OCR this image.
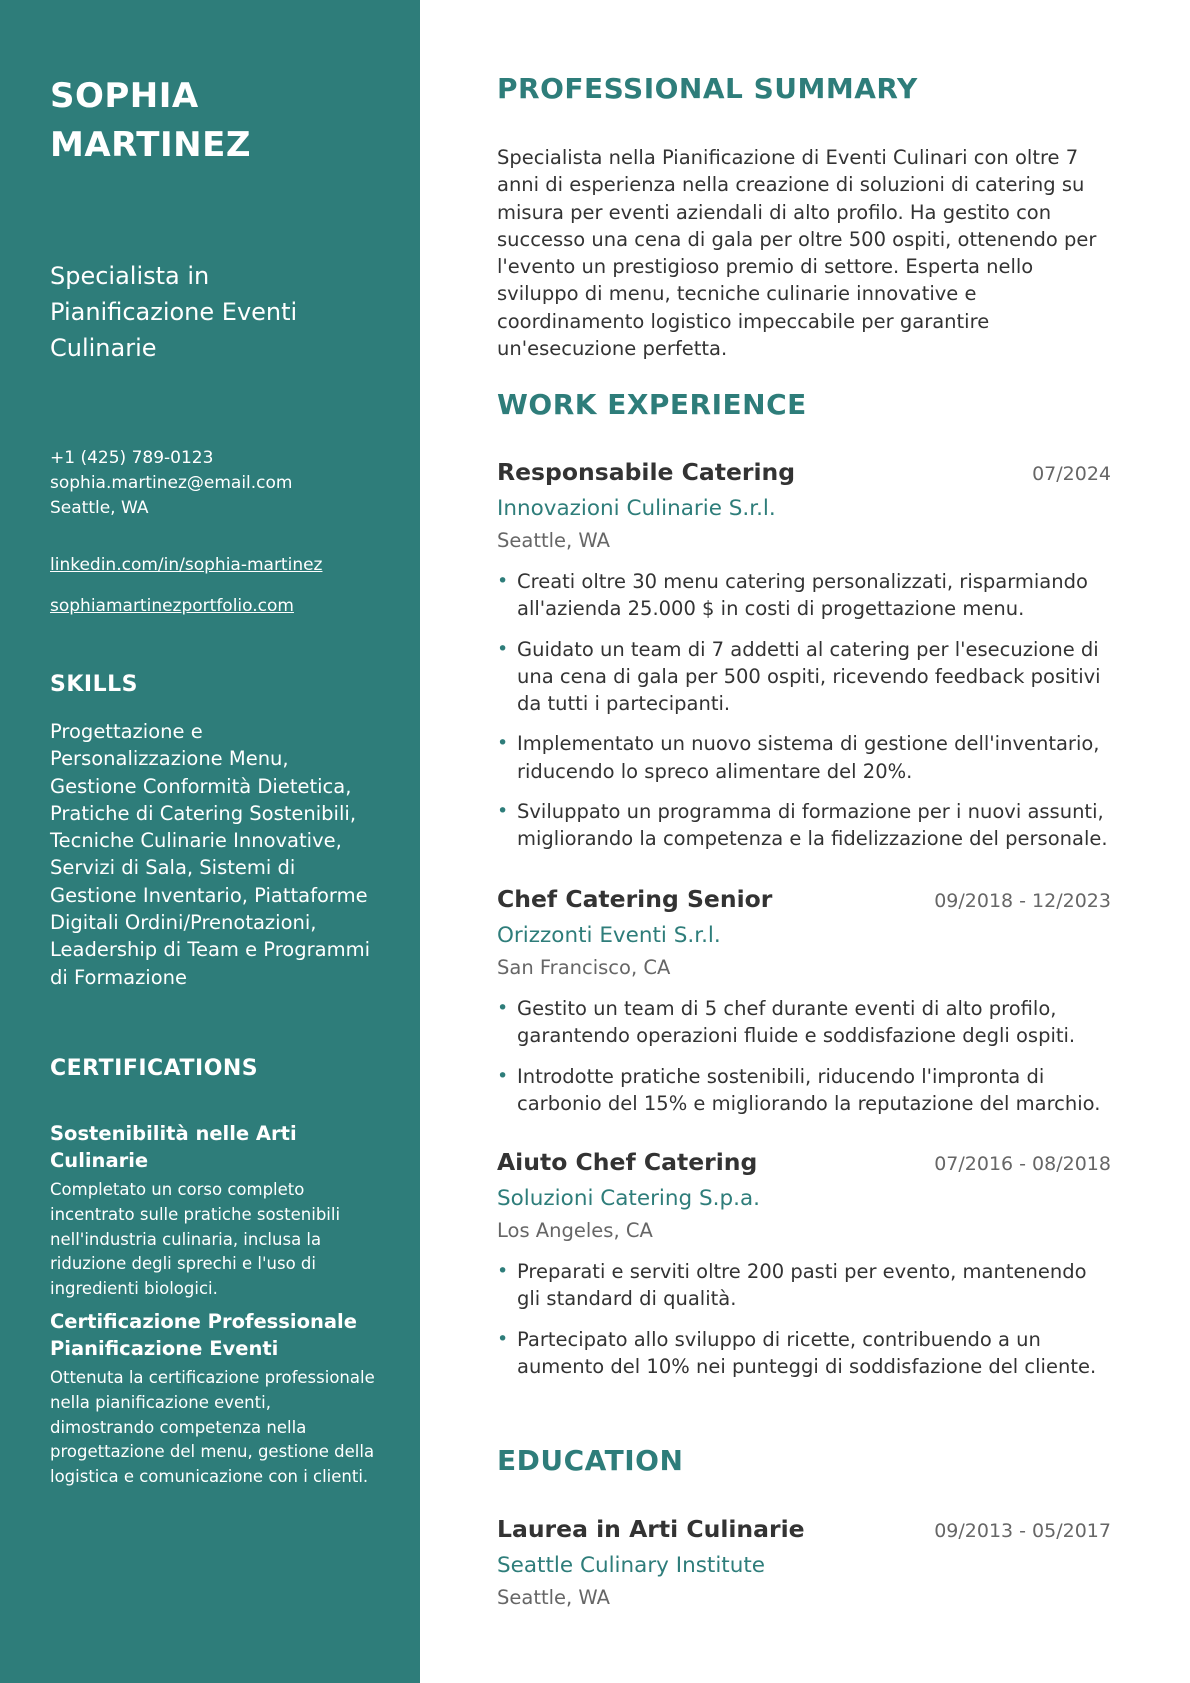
SOPHIA MARTINEZ
Specialista in Pianificazione Eventi Culinarie
+1 (425) 789-0123
sophia.martinez@email.com
Seattle, WA
linkedin.com/in/sophia-martinez
sophiamartinezportfolio.com
SKILLS
Progettazione e Personalizzazione Menu, Gestione Conformità Dietetica, Pratiche di Catering Sostenibili, Tecniche Culinarie Innovative, Servizi di Sala, Sistemi di Gestione Inventario, Piattaforme Digitali Ordini/Prenotazioni, Leadership di Team e Programmi di Formazione
CERTIFICATIONS

Sostenibilità nelle Arti Culinarie

Completato un corso completo incentrato sulle pratiche sostenibili nell'industria culinaria, inclusa la riduzione degli sprechi e l'uso di ingredienti biologici.

Certificazione Professionale Pianificazione Eventi

Ottenuta la certificazione professionale nella pianificazione eventi, dimostrando competenza nella progettazione del menu, gestione della logistica e comunicazione con i clienti.

PROFESSIONAL SUMMARY

Specialista nella Pianificazione di Eventi Culinari con oltre 7 anni di esperienza nella creazione di soluzioni di catering su misura per eventi aziendali di alto profilo. Ha gestito con successo una cena di gala per oltre 500 ospiti, ottenendo per l'evento un prestigioso premio di settore. Esperta nello sviluppo di menu, tecniche culinarie innovative e coordinamento logistico impeccabile per garantire un'esecuzione perfetta.

WORK EXPERIENCE
Responsabile Catering	07/2024
Innovazioni Culinarie S.r.l.
Seattle, WA
• Creati oltre 30 menu catering personalizzati, risparmiando all'azienda 25.000 $ in costi di progettazione menu.
• Guidato un team di 7 addetti al catering per l'esecuzione di una cena di gala per 500 ospiti, ricevendo feedback positivi da tutti i partecipanti.
• Implementato un nuovo sistema di gestione dell'inventario, riducendo lo spreco alimentare del 20%.
• Sviluppato un programma di formazione per i nuovi assunti, migliorando la competenza e la fidelizzazione del personale.
Chef Catering Senior	09/2018 - 12/2023
Orizzonti Eventi S.r.l.
San Francisco, CA
• Gestito un team di 5 chef durante eventi di alto profilo, garantendo operazioni fluide e soddisfazione degli ospiti.
• Introdotte pratiche sostenibili, riducendo l'impronta di carbonio del 15% e migliorando la reputazione del marchio.
Aiuto Chef Catering	07/2016 - 08/2018
Soluzioni Catering S.p.a.
Los Angeles, CA
• Preparati e serviti oltre 200 pasti per evento, mantenendo gli standard di qualità.
• Partecipato allo sviluppo di ricette, contribuendo a un aumento del 10% nei punteggi di soddisfazione del cliente.
EDUCATION
Laurea in Arti Culinarie	09/2013 - 05/2017
Seattle Culinary Institute
Seattle, WA
